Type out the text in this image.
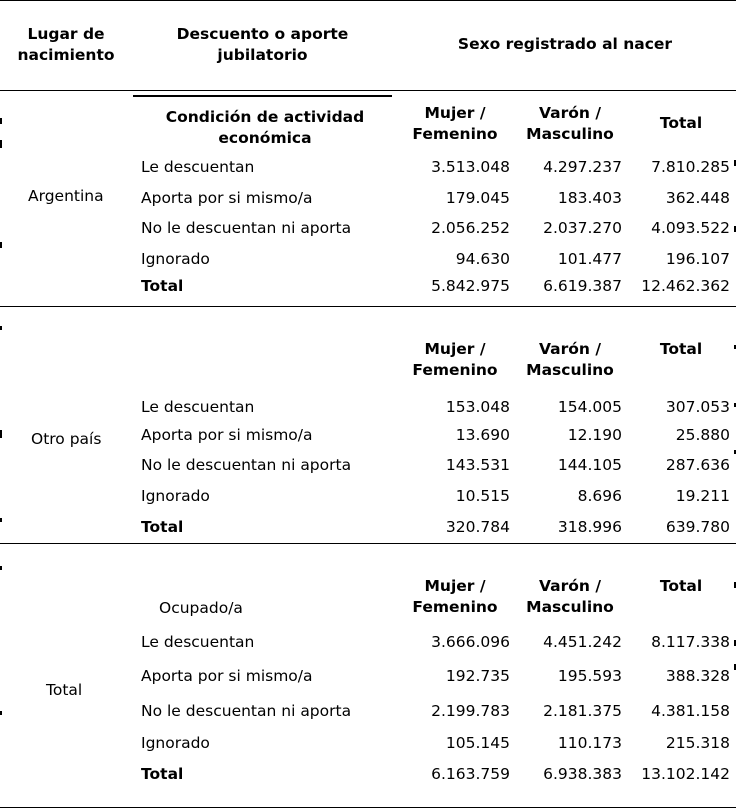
Lugar de nacimiento
Descuento o aporte jubilatorio
Sexo registrado al nacer
Argentina
Condición de actividad económica
Mujer / Femenino
Varón / Masculino
Total
Le descuentan	3.513.048 4.297.237 7.810.285
Aporta por si mismo/a	179.045	183.403	362.448
No le descuentan ni aporta	2.056.252 2.037.270 4.093.522
Ignorado	94.630	101.477	196.107
Total	5.842.975 6.619.387 12.462.362
Otro país
Mujer / Femenino
Varón / Masculino
Total
Le descuentan	153.048	154.005	307.053
Aporta por si mismo/a	13.690	12.190	25.880
No le descuentan ni aporta	143.531	144.105	287.636
Ignorado	10.515	8.696	19.211
Total	320.784	318.996	639.780
Total
Ocupado/a
Mujer / Femenino
Varón / Masculino
Total
Le descuentan	3.666.096 4.451.242 8.117.338
Aporta por si mismo/a	192.735	195.593	388.328
No le descuentan ni aporta	2.199.783 2.181.375 4.381.158
Ignorado	105.145	110.173	215.318
Total	6.163.759 6.938.383 13.102.142
